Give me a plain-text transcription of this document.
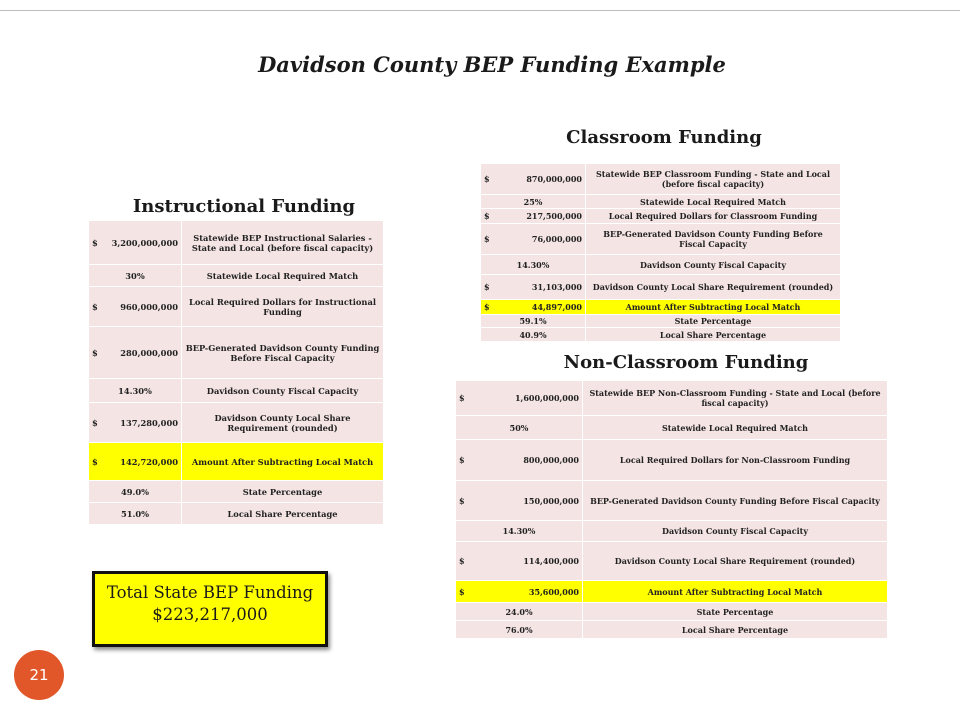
Davidson County BEP Funding Example
Instructional Funding
$ 3,200,000,000	Statewide BEP Instructional Salaries - State and Local (before fiscal capacity)
30%	Statewide Local Required Match
$ 960,000,000	Local Required Dollars for Instructional Funding
$ 280,000,000	BEP-Generated Davidson County Funding Before Fiscal Capacity
14.30%	Davidson County Fiscal Capacity
$ 137,280,000	Davidson County Local Share Requirement (rounded)
$ 142,720,000	Amount After Subtracting Local Match
49.0%	State Percentage
51.0%	Local Share Percentage
Classroom Funding
$ 870,000,000	Statewide BEP Classroom Funding - State and Local (before fiscal capacity)
25%	Statewide Local Required Match
$ 217,500,000	Local Required Dollars for Classroom Funding
$ 76,000,000	BEP-Generated Davidson County Funding Before Fiscal Capacity
14.30%	Davidson County Fiscal Capacity
$ 31,103,000	Davidson County Local Share Requirement (rounded)
$ 44,897,000	Amount After Subtracting Local Match
59.1%	State Percentage
40.9%	Local Share Percentage
Non-Classroom Funding
$ 1,600,000,000	Statewide BEP Non-Classroom Funding - State and Local (before fiscal capacity)
50%	Statewide Local Required Match
$ 800,000,000	Local Required Dollars for Non-Classroom Funding
$ 150,000,000	BEP-Generated Davidson County Funding Before Fiscal Capacity
14.30%	Davidson County Fiscal Capacity
$ 114,400,000	Davidson County Local Share Requirement (rounded)
$ 35,600,000	Amount After Subtracting Local Match
24.0%	State Percentage
76.0%	Local Share Percentage
Total State BEP Funding
$223,217,000
21
